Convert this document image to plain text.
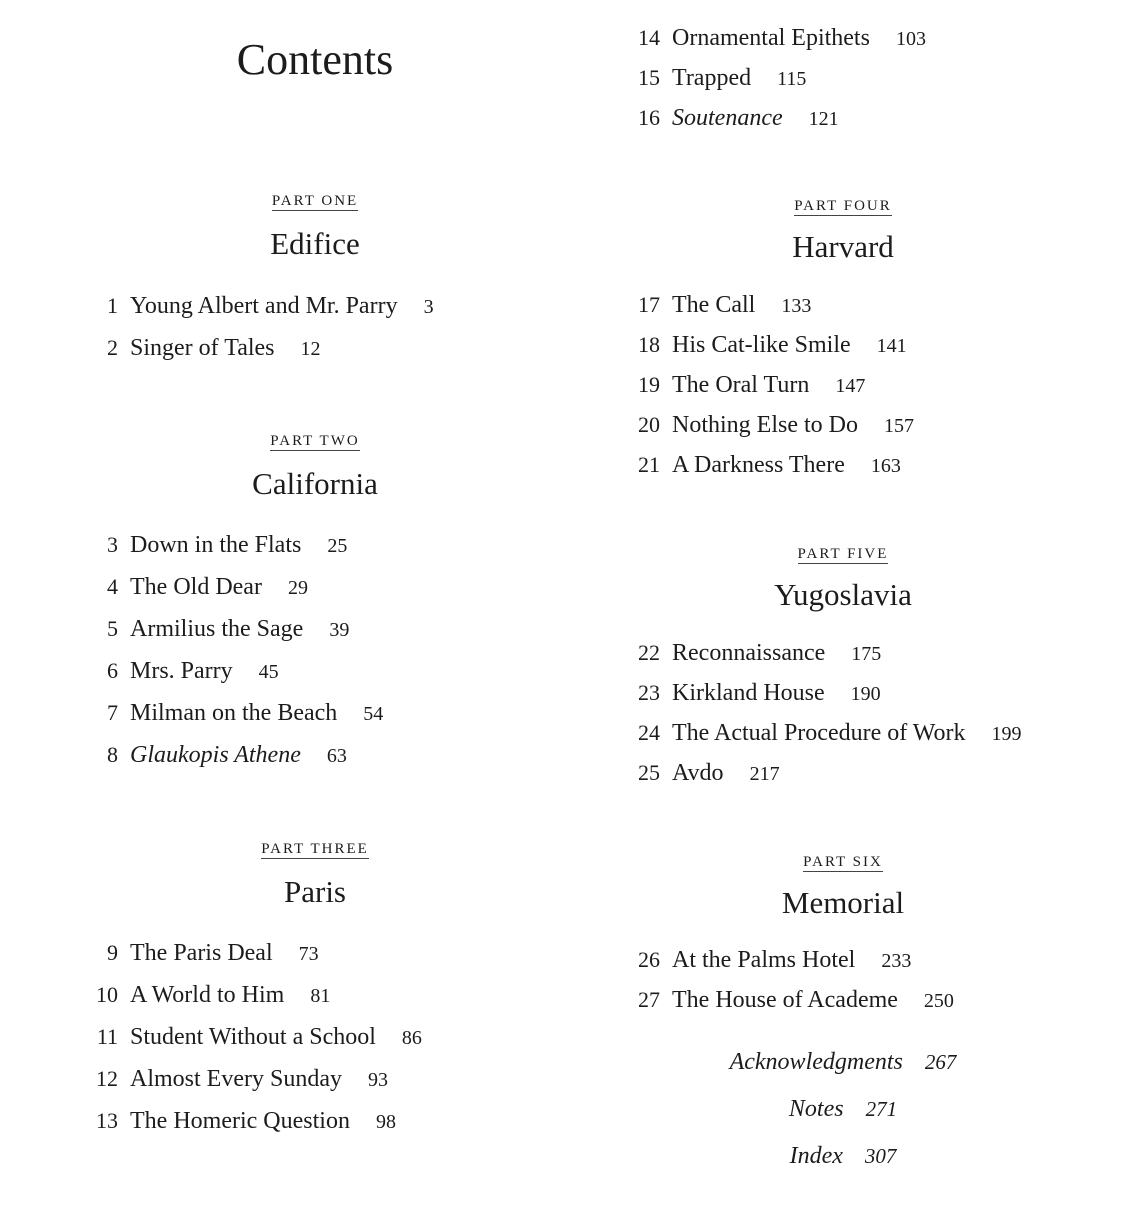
Contents
PART ONE
Edifice
1 Young Albert and Mr. Parry 3
2 Singer of Tales 12
PART TWO
California
3 Down in the Flats 25
4 The Old Dear 29
5 Armilius the Sage 39
6 Mrs. Parry 45
7 Milman on the Beach 54
8 Glaukopis Athene 63
PART THREE
Paris
9 The Paris Deal 73
10 A World to Him 81
11 Student Without a School 86
12 Almost Every Sunday 93
13 The Homeric Question 98
14 Ornamental Epithets 103
15 Trapped 115
16 Soutenance 121
PART FOUR
Harvard
17 The Call 133
18 His Cat-like Smile 141
19 The Oral Turn 147
20 Nothing Else to Do 157
21 A Darkness There 163
PART FIVE
Yugoslavia
22 Reconnaissance 175
23 Kirkland House 190
24 The Actual Procedure of Work 199
25 Avdo 217
PART SIX
Memorial
26 At the Palms Hotel 233
27 The House of Academe 250
Acknowledgments 267
Notes 271
Index 307
